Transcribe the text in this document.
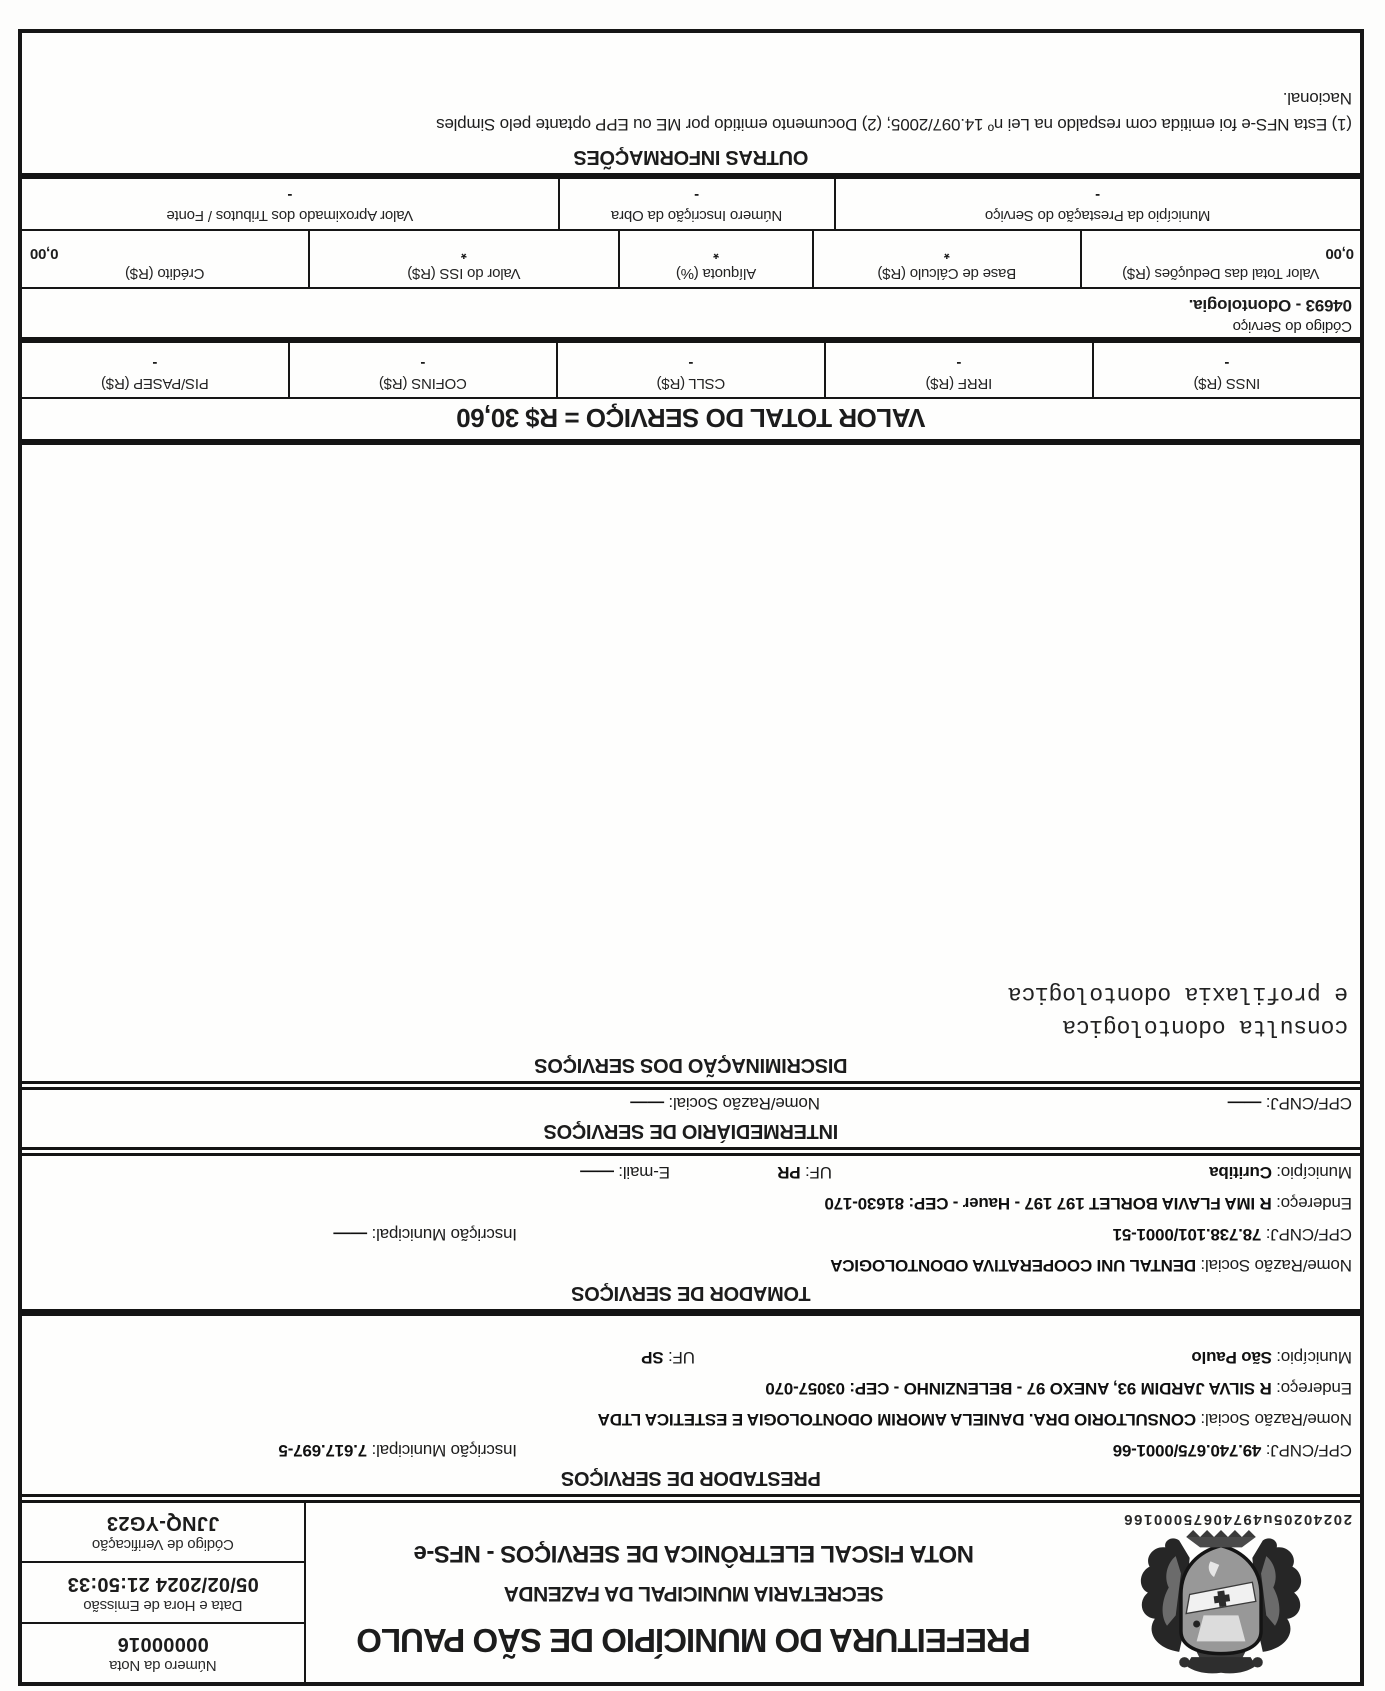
20240205u49740675000166
PREFEITURA DO MUNICÍPIO DE SÃO PAULO
SECRETARIA MUNICIPAL DA FAZENDA
NOTA FISCAL ELETRÔNICA DE SERVIÇOS - NFS-e
Número da Nota
00000016
Data e Hora de Emissão
05/02/2024 21:50:33
Código de Verificação
JJNQ-YG23
PRESTADOR DE SERVIÇOS
CPF/CNPJ: 49.740.675/0001-66
Inscrição Municipal: 7.617.697-5
Nome/Razão Social: CONSULTORIO DRA. DANIELA AMORIM ODONTOLOGIA E ESTETICA LTDA
Endereço: R SILVA JARDIM 93, ANEXO 97 - BELENZINHO - CEP: 03057-070
Município: São Paulo
UF: SP
TOMADOR DE SERVIÇOS
Nome/Razão Social: DENTAL UNI COOPERATIVA ODONTOLOGICA
CPF/CNPJ: 78.738.101/0001-51
Inscrição Municipal: ——
Endereço: R IMA FLAVIA BORLET 197 197 - Hauer - CEP: 81630-170
Município: Curitiba
UF: PR
E-mail: ——
INTERMEDIÁRIO DE SERVIÇOS
CPF/CNPJ: ——
Nome/Razão Social: ——
DISCRIMINAÇÃO DOS SERVIÇOS
consulta odontologica
e profilaxia odontologica
VALOR TOTAL DO SERVIÇO = R$ 30,60
INSS (R$)
-
IRRF (R$)
-
CSLL (R$)
-
COFINS (R$)
-
PIS/PASEP (R$)
-
Código do Serviço
04693 - Odontologia.
Valor Total das Deduções (R$)
0,00
Base de Cálculo (R$)
*
Alíquota (%)
*
Valor do ISS (R$)
*
Crédito (R$)
0,00
Município da Prestação do Serviço
-
Número Inscrição da Obra
-
Valor Aproximado dos Tributos / Fonte
-
OUTRAS INFORMAÇÕES
(1) Esta NFS-e foi emitida com respaldo na Lei nº 14.097/2005; (2) Documento emitido por ME ou EPP optante pelo Simples
Nacional.
